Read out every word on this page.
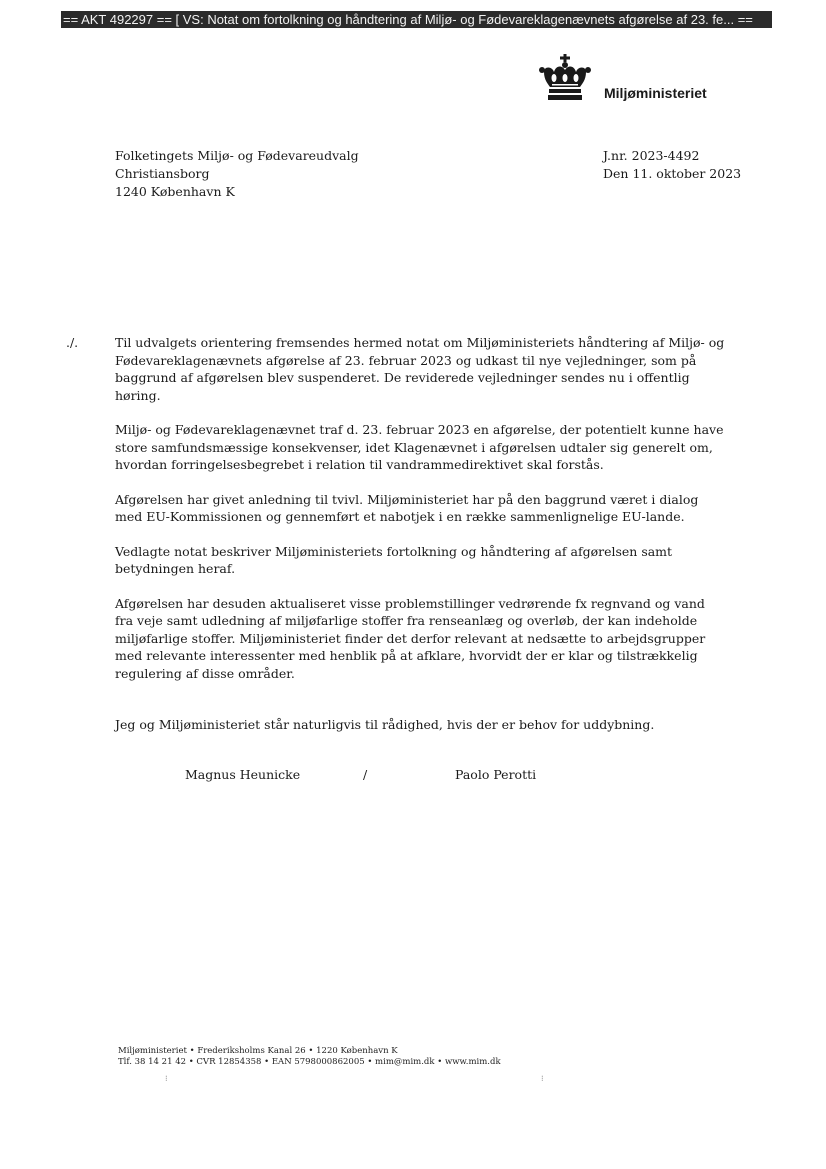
== AKT 492297 == [ VS: Notat om fortolkning og håndtering af Miljø- og Fødevareklagenævnets afgørelse af 23. fe... ==
Miljøministeriet
Folketingets Miljø- og Fødevareudvalg
Christiansborg
1240 København K
J.nr. 2023-4492
Den 11. oktober 2023
./.	Til udvalgets orientering fremsendes hermed notat om Miljøministeriets håndtering af Miljø- og Fødevareklagenævnets afgørelse af 23. februar 2023 og udkast til nye vejledninger, som på baggrund af afgørelsen blev suspenderet. De reviderede vejledninger sendes nu i offentlig høring.

Miljø- og Fødevareklagenævnet traf d. 23. februar 2023 en afgørelse, der potentielt kunne have store samfundsmæssige konsekvenser, idet Klagenævnet i afgørelsen udtaler sig generelt om, hvordan forringelsesbegrebet i relation til vandrammedirektivet skal forstås.

Afgørelsen har givet anledning til tvivl. Miljøministeriet har på den baggrund været i dialog med EU-Kommissionen og gennemført et nabotjek i en række sammenlignelige EU-lande.

Vedlagte notat beskriver Miljøministeriets fortolkning og håndtering af afgørelsen samt betydningen heraf.

Afgørelsen har desuden aktualiseret visse problemstillinger vedrørende fx regnvand og vand fra veje samt udledning af miljøfarlige stoffer fra renseanlæg og overløb, der kan indeholde miljøfarlige stoffer. Miljøministeriet finder det derfor relevant at nedsætte to arbejdsgrupper med relevante interessenter med henblik på at afklare, hvorvidt der er klar og tilstrækkelig regulering af disse områder.

Jeg og Miljøministeriet står naturligvis til rådighed, hvis der er behov for uddybning.

Magnus Heunicke	/	Paolo Perotti
Miljøministeriet • Frederiksholms Kanal 26 • 1220 København K
Tlf. 38 14 21 42 • CVR 12854358 • EAN 5798000862005 • mim@mim.dk • www.mim.dk
⁝	⁝
